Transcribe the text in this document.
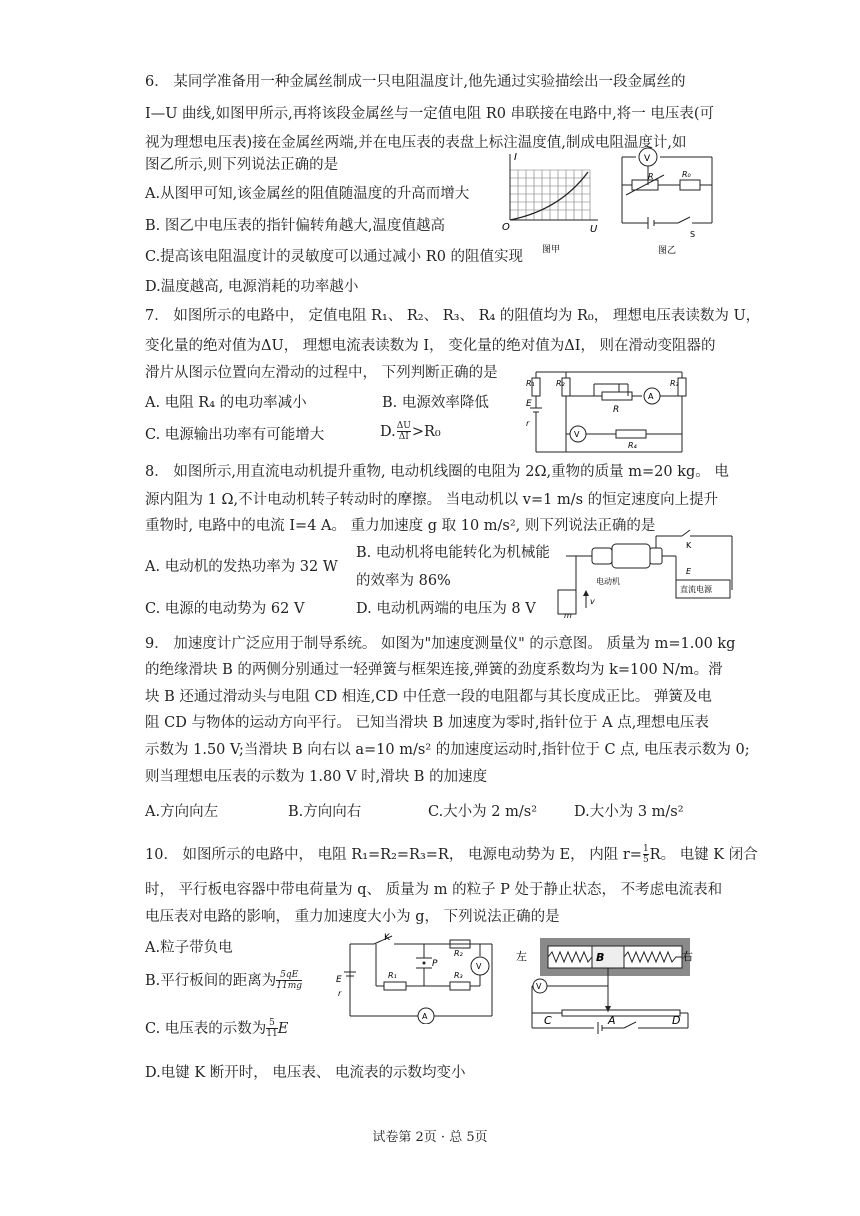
6． 某同学准备用一种金属丝制成一只电阻温度计,他先通过实验描绘出一段金属丝的
I—U 曲线,如图甲所示,再将该段金属丝与一定值电阻 R0 串联接在电路中,将一 电压表(可
视为理想电压表)接在金属丝两端,并在电压表的表盘上标注温度值,制成电阻温度计,如
图乙所示,则下列说法正确的是
A.从图甲可知,该金属丝的阻值随温度的升高而增大
B. 图乙中电压表的指针偏转角越大,温度值越高
C.提高该电阻温度计的灵敏度可以通过减小 R0 的阻值实现
D.温度越高, 电源消耗的功率越小
I
U
O
图甲
V
R	R₀
S
图乙
7． 如图所示的电路中， 定值电阻 R₁、 R₂、 R₃、 R₄ 的阻值均为 R₀， 理想电压表读数为 U，
变化量的绝对值为ΔU， 理想电流表读数为 I， 变化量的绝对值为ΔI， 则在滑动变阻器的
滑片从图示位置向左滑动的过程中， 下列判断正确的是
A. 电阻 R₄ 的电功率减小	B. 电源效率降低
C. 电源输出功率有可能增大	D. $\frac{\Delta U}{\Delta I} >R_0$
R₁	R₂	R₃
R₄
R
E
r
A
V
8． 如图所示,用直流电动机提升重物, 电动机线圈的电阻为 2Ω,重物的质量 m=20 kg。 电
源内阻为 1 Ω,不计电动机转子转动时的摩擦。 当电动机以 v=1 m/s 的恒定速度向上提升
重物时, 电路中的电流 I=4 A。 重力加速度 g 取 10 m/s², 则下列说法正确的是
A. 电动机的发热功率为 32 W
B. 电动机将电能转化为机械能
的效率为 86%
C. 电源的电动势为 62 V	D. 电动机两端的电压为 8 V
电动机
直流电源
K
E
m
v
9． 加速度计广泛应用于制导系统。 如图为"加速度测量仪" 的示意图。 质量为 m=1.00 kg
的绝缘滑块 B 的两侧分别通过一轻弹簧与框架连接,弹簧的劲度系数均为 k=100 N/m。滑
块 B 还通过滑动头与电阻 CD 相连,CD 中任意一段的电阻都与其长度成正比。 弹簧及电
阻 CD 与物体的运动方向平行。 已知当滑块 B 加速度为零时,指针位于 A 点,理想电压表
示数为 1.50 V;当滑块 B 向右以 a=10 m/s² 的加速度运动时,指针位于 C 点, 电压表示数为 0;
则当理想电压表的示数为 1.80 V 时,滑块 B 的加速度
A.方向向左	B.方向向右	C.大小为 2 m/s²	D.大小为 3 m/s²
10． 如图所示的电路中， 电阻 R₁=R₂=R₃=R， 电源电动势为 E， 内阻 $r= \frac{1}{5}$ R。 电键 K 闭合
时， 平行板电容器中带电荷量为 q、 质量为 m 的粒子 P 处于静止状态， 不考虑电流表和
电压表对电路的影响， 重力加速度大小为 g， 下列说法正确的是
A.粒子带负电
B.平行板间的距离为 $\frac{5qE}{11mg}$
C. 电压表的示数为 $\frac{5}{11}$ E
D.电键 K 断开时， 电压表、 电流表的示数均变小
K
P
E
r
R₁
R₂
R₃
A
V
左	右
B
V
C	A	D
试卷第 2页 · 总 5页
